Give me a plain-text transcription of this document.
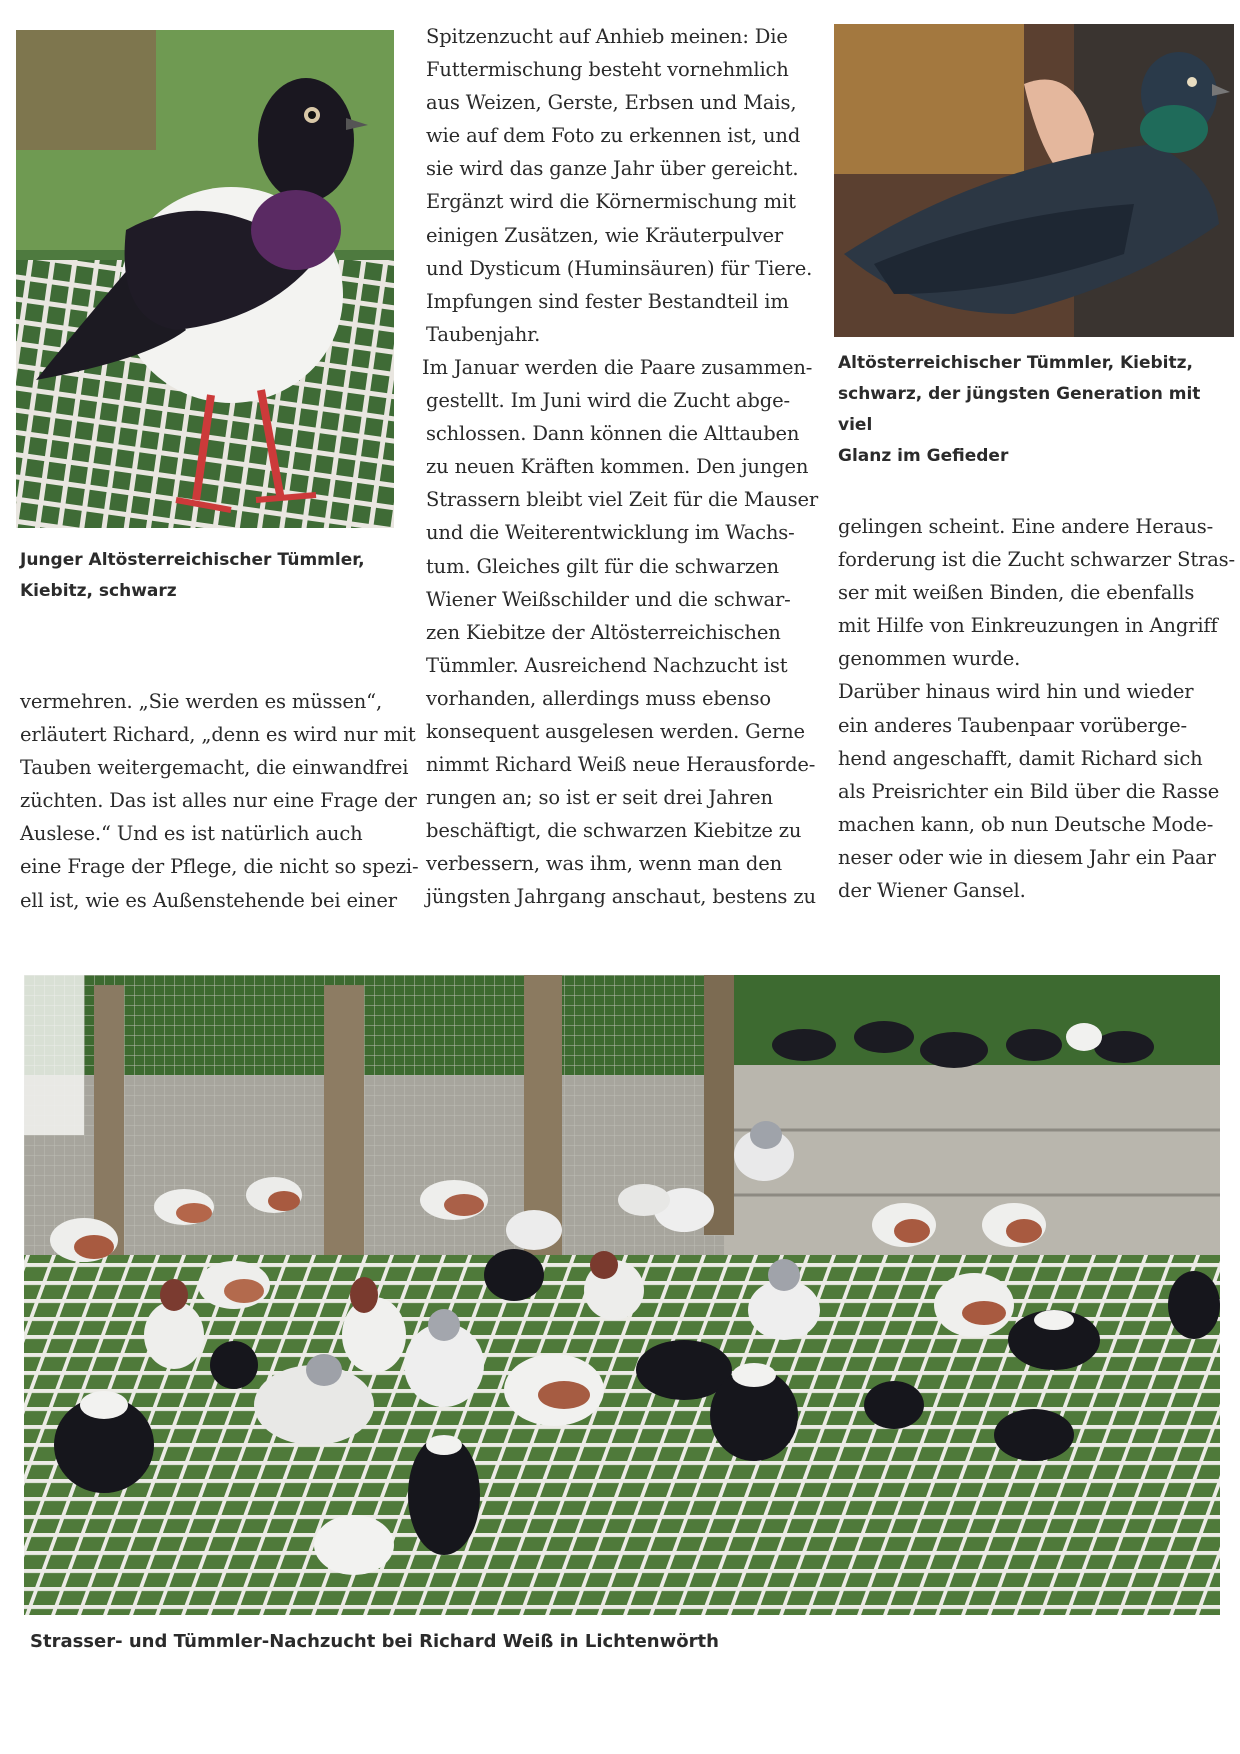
Junger Altösterreichischer Tümmler,
Kiebitz, schwarz

Altösterreichischer Tümmler, Kiebitz,
schwarz, der jüngsten Generation mit viel
Glanz im Gefieder

vermehren. „Sie werden es müssen“,
erläutert Richard, „denn es wird nur mit
Tauben weitergemacht, die einwandfrei
züchten. Das ist alles nur eine Frage der
Auslese.“ Und es ist natürlich auch
eine Frage der Pflege, die nicht so spezi-
ell ist, wie es Außenstehende bei einer

Spitzenzucht auf Anhieb meinen: Die
Futtermischung besteht vornehmlich
aus Weizen, Gerste, Erbsen und Mais,
wie auf dem Foto zu erkennen ist, und
sie wird das ganze Jahr über gereicht.
Ergänzt wird die Körnermischung mit
einigen Zusätzen, wie Kräuterpulver
und Dysticum (Huminsäuren) für Tiere.
Impfungen sind fester Bestandteil im
Taubenjahr.
Im Januar werden die Paare zusammen-
gestellt. Im Juni wird die Zucht abge-
schlossen. Dann können die Alttauben
zu neuen Kräften kommen. Den jungen
Strassern bleibt viel Zeit für die Mauser
und die Weiterentwicklung im Wachs-
tum. Gleiches gilt für die schwarzen
Wiener Weißschilder und die schwar-
zen Kiebitze der Altösterreichischen
Tümmler. Ausreichend Nachzucht ist
vorhanden, allerdings muss ebenso
konsequent ausgelesen werden. Gerne
nimmt Richard Weiß neue Herausforde-
rungen an; so ist er seit drei Jahren
beschäftigt, die schwarzen Kiebitze zu
verbessern, was ihm, wenn man den
jüngsten Jahrgang anschaut, bestens zu

gelingen scheint. Eine andere Heraus-
forderung ist die Zucht schwarzer Stras-
ser mit weißen Binden, die ebenfalls
mit Hilfe von Einkreuzungen in Angriff
genommen wurde.
Darüber hinaus wird hin und wieder
ein anderes Taubenpaar vorüberge-
hend angeschafft, damit Richard sich
als Preisrichter ein Bild über die Rasse
machen kann, ob nun Deutsche Mode-
neser oder wie in diesem Jahr ein Paar
der Wiener Gansel.

Strasser- und Tümmler-Nachzucht bei Richard Weiß in Lichtenwörth
